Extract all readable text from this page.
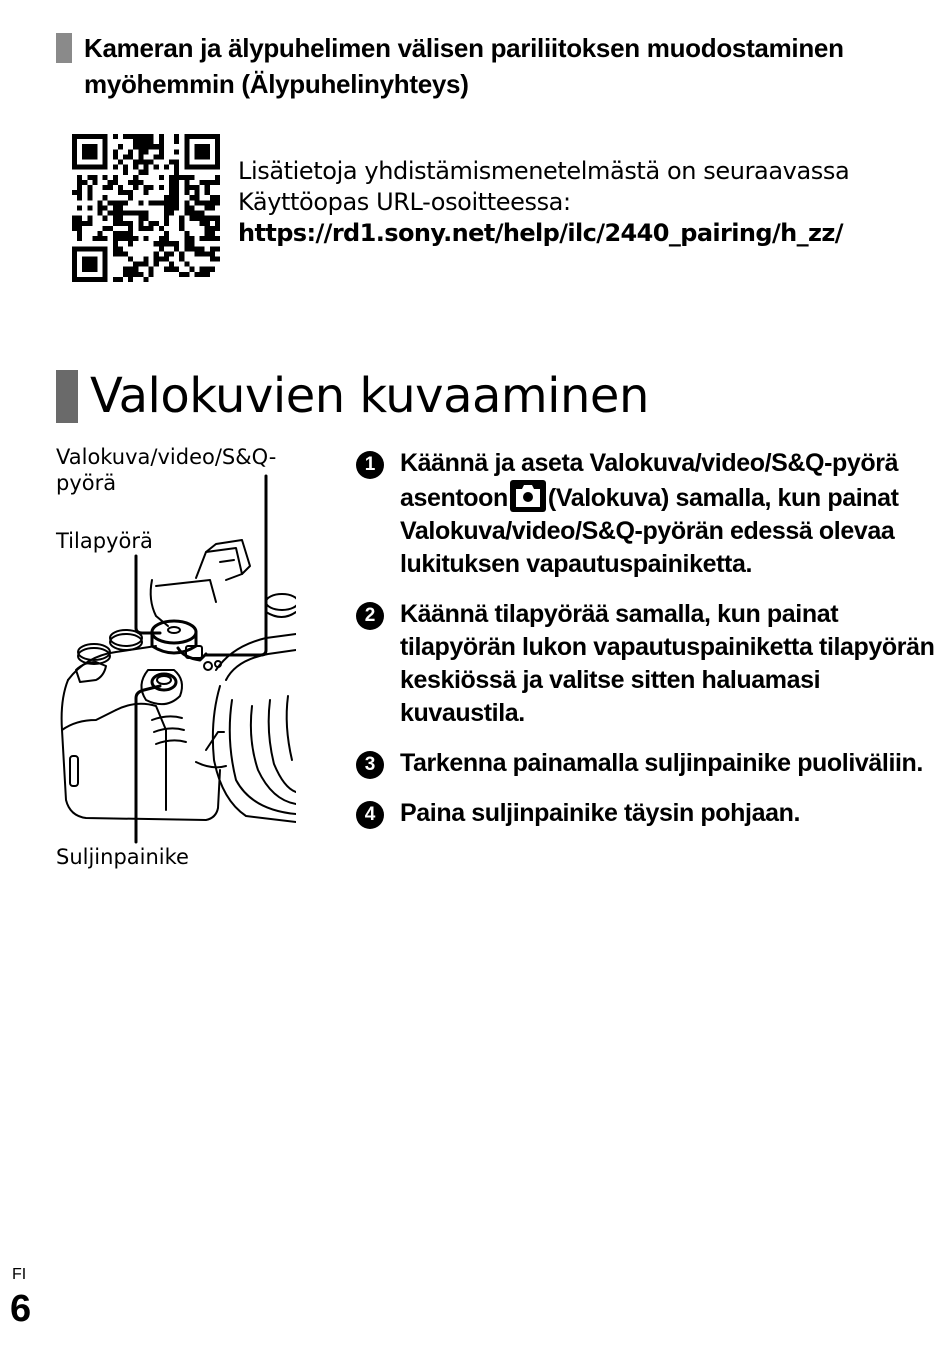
Kameran ja älypuhelimen välisen pariliitoksen muodostaminen myöhemmin (Älypuhelinyhteys)

Lisätietoja yhdistämismenetelmästä on seuraavassa Käyttöopas URL-osoitteessa:
https://rd1.sony.net/help/ilc/2440_pairing/h_zz/

Valokuvien kuvaaminen

Valokuva/video/S&Q-pyörä

Tilapyörä

Suljinpainike

1 Käännä ja aseta Valokuva/video/S&Q-pyörä asentoon (Valokuva) samalla, kun painat Valokuva/video/S&Q-pyörän edessä olevaa lukituksen vapautuspainiketta.
2 Käännä tilapyörää samalla, kun painat tilapyörän lukon vapautuspainiketta tilapyörän keskiössä ja valitse sitten haluamasi kuvaustila.
3 Tarkenna painamalla suljinpainike puoliväliin.
4 Paina suljinpainike täysin pohjaan.
FI
6
